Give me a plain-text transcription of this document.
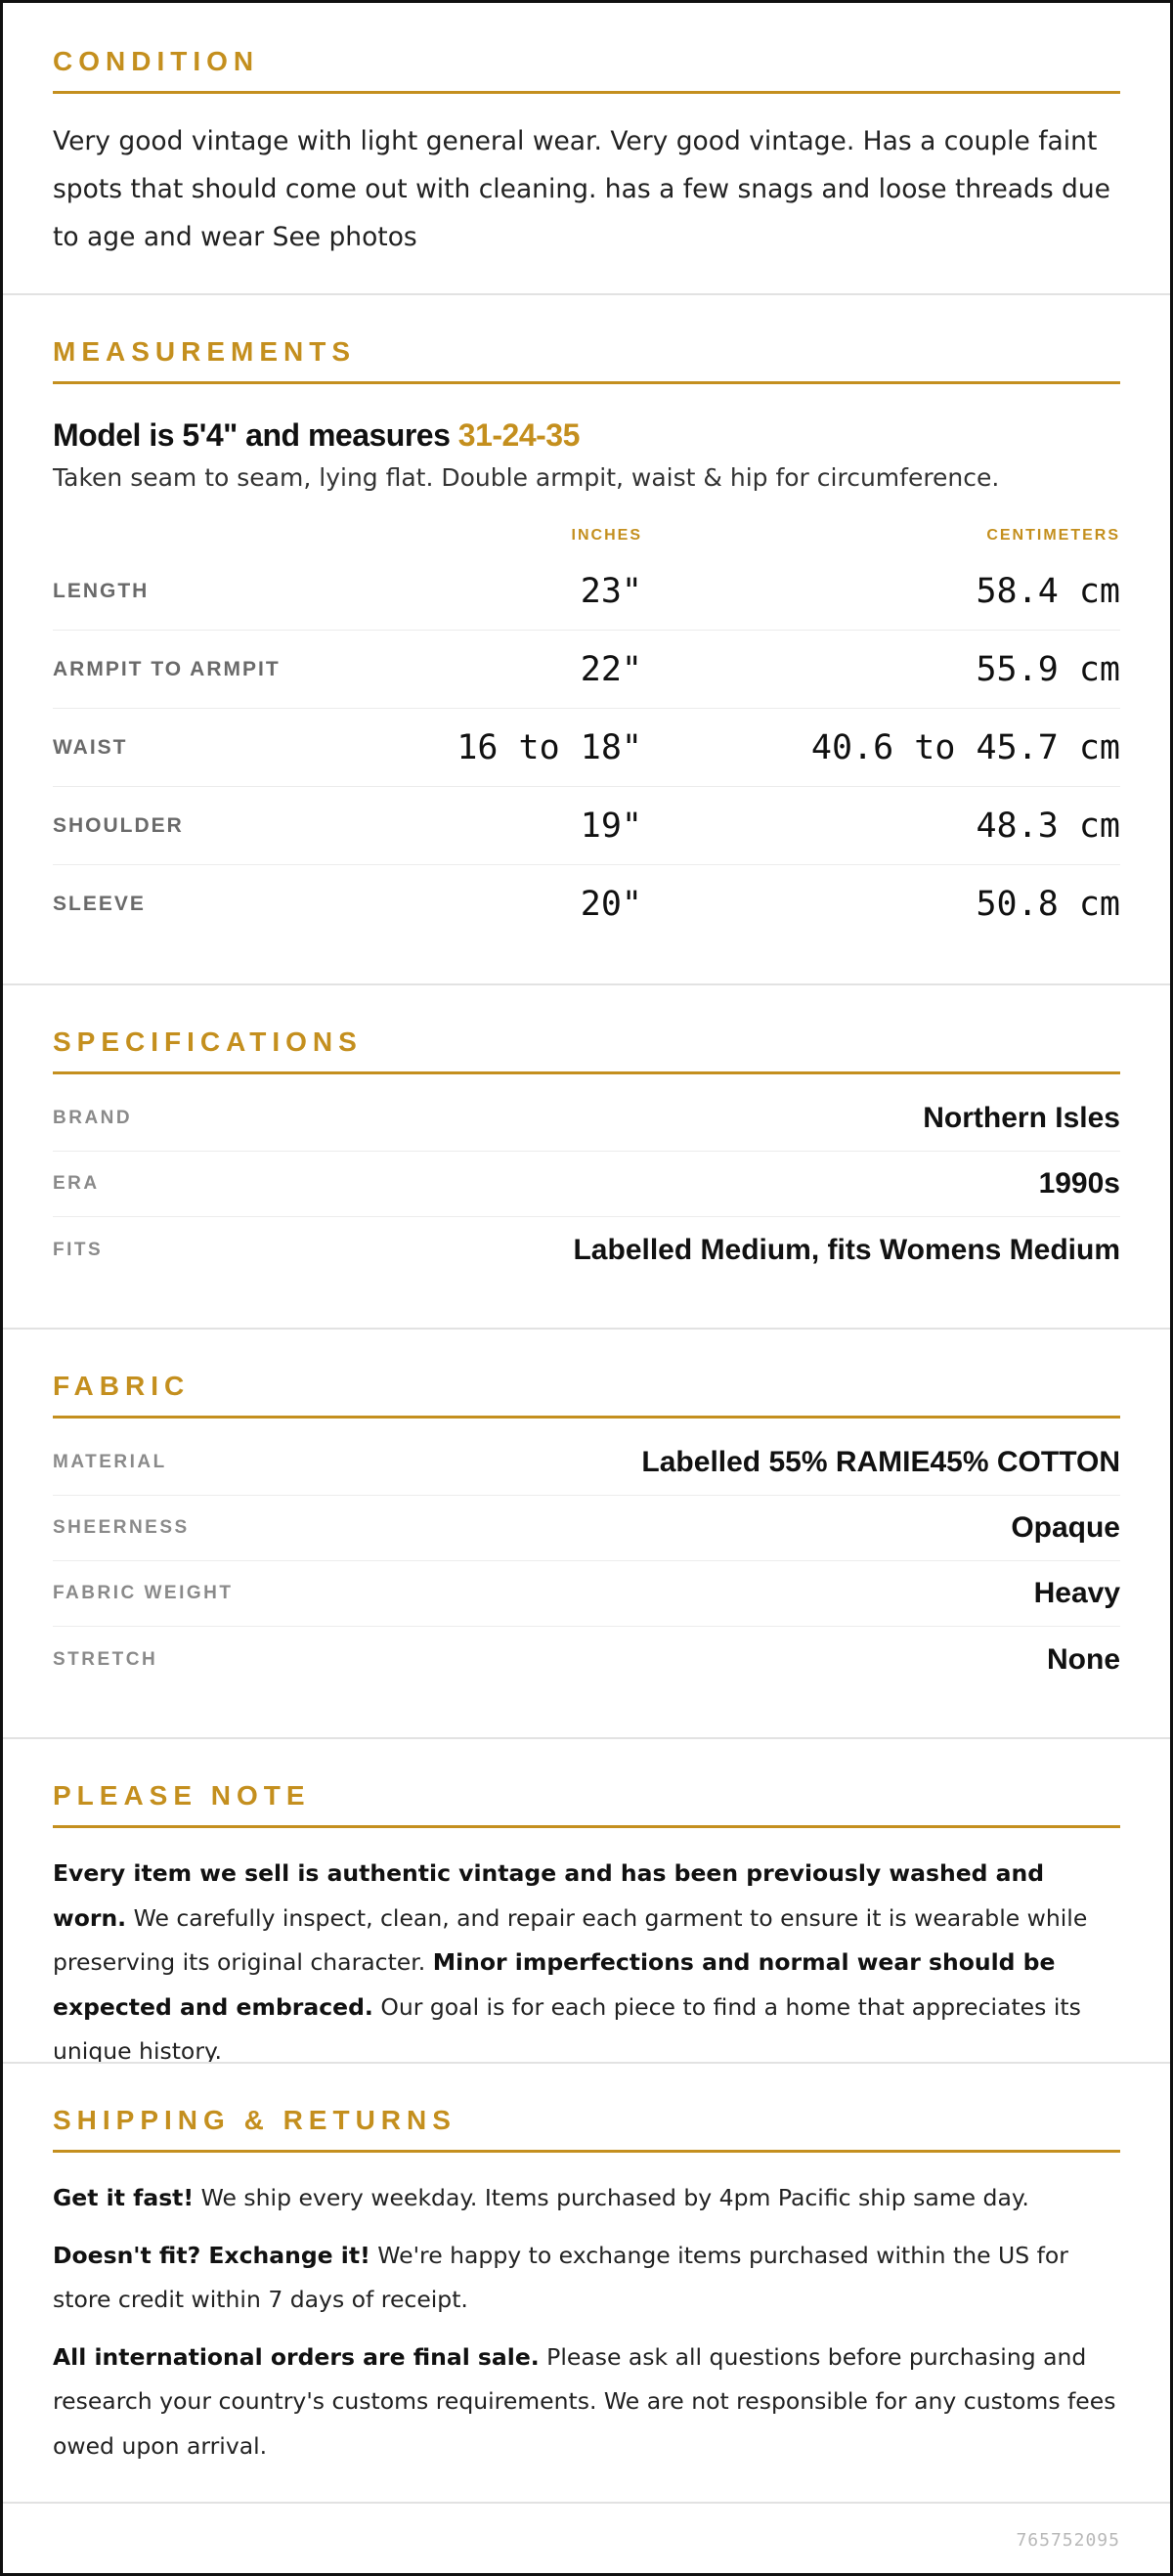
CONDITION

Very good vintage with light general wear. Very good vintage. Has a couple faint spots that should come out with cleaning. has a few snags and loose threads due to age and wear See photos

MEASUREMENTS
Model is 5'4" and measures 31-24-35
Taken seam to seam, lying flat. Double armpit, waist & hip for circumference.
INCHES	CENTIMETERS
LENGTH	23"	58.4 cm
ARMPIT TO ARMPIT	22"	55.9 cm
WAIST	16 to 18"	40.6 to 45.7 cm
SHOULDER	19"	48.3 cm
SLEEVE	20"	50.8 cm
SPECIFICATIONS
BRAND	Northern Isles
ERA	1990s
FITS	Labelled Medium, fits Womens Medium
FABRIC
MATERIAL	Labelled 55% RAMIE45% COTTON
SHEERNESS	Opaque
FABRIC WEIGHT	Heavy
STRETCH	None
PLEASE NOTE

Every item we sell is authentic vintage and has been previously washed and worn. We carefully inspect, clean, and repair each garment to ensure it is wearable while preserving its original character. Minor imperfections and normal wear should be expected and embraced. Our goal is for each piece to find a home that appreciates its unique history.

SHIPPING & RETURNS

Get it fast! We ship every weekday. Items purchased by 4pm Pacific ship same day.

Doesn't fit? Exchange it! We're happy to exchange items purchased within the US for store credit within 7 days of receipt.

All international orders are final sale. Please ask all questions before purchasing and research your country's customs requirements. We are not responsible for any customs fees owed upon arrival.

765752095
